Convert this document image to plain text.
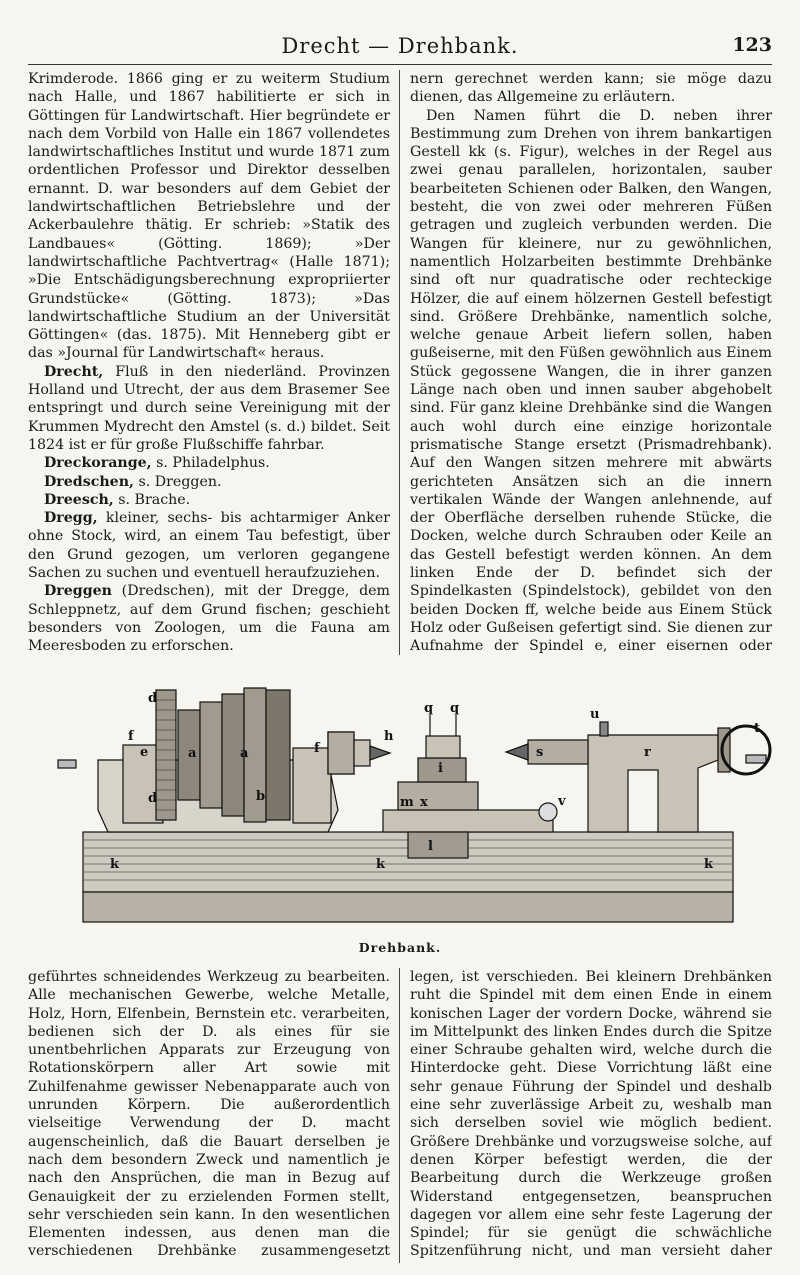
Drecht — Drehbank.	123

Krimderode. 1866 ging er zu weiterm Studium nach Halle, und 1867 habilitierte er sich in Göttingen für Landwirtschaft. Hier begründete er nach dem Vorbild von Halle ein 1867 vollendetes landwirtschaftliches Institut und wurde 1871 zum ordentlichen Professor und Direktor desselben ernannt. D. war besonders auf dem Gebiet der landwirtschaftlichen Betriebslehre und der Ackerbaulehre thätig. Er schrieb: »Statik des Landbaues« (Götting. 1869); »Der landwirtschaftliche Pachtvertrag« (Halle 1871); »Die Entschädigungsberechnung expropriierter Grundstücke« (Götting. 1873); »Das landwirtschaftliche Studium an der Universität Göttingen« (das. 1875). Mit Henneberg gibt er das »Journal für Landwirtschaft« heraus.

Drecht, Fluß in den niederländ. Provinzen Holland und Utrecht, der aus dem Brasemer See entspringt und durch seine Vereinigung mit der Krummen Mydrecht den Amstel (s. d.) bildet. Seit 1824 ist er für große Flußschiffe fahrbar.

Dreckorange, s. Philadelphus.

Dredschen, s. Dreggen.

Dreesch, s. Brache.

Dregg, kleiner, sechs- bis achtarmiger Anker ohne Stock, wird, an einem Tau befestigt, über den Grund gezogen, um verloren gegangene Sachen zu suchen und eventuell heraufzuziehen.

Dreggen (Dredschen), mit der Dregge, dem Schleppnetz, auf dem Grund fischen; geschieht besonders von Zoologen, um die Fauna am Meeresboden zu erforschen.

nern gerechnet werden kann; sie möge dazu dienen, das Allgemeine zu erläutern.

Den Namen führt die D. neben ihrer Bestimmung zum Drehen von ihrem bankartigen Gestell kk (s. Figur), welches in der Regel aus zwei genau parallelen, horizontalen, sauber bearbeiteten Schienen oder Balken, den Wangen, besteht, die von zwei oder mehreren Füßen getragen und zugleich verbunden werden. Die Wangen für kleinere, nur zu gewöhnlichen, namentlich Holzarbeiten bestimmte Drehbänke sind oft nur quadratische oder rechteckige Hölzer, die auf einem hölzernen Gestell befestigt sind. Größere Drehbänke, namentlich solche, welche genaue Arbeit liefern sollen, haben gußeiserne, mit den Füßen gewöhnlich aus Einem Stück gegossene Wangen, die in ihrer ganzen Länge nach oben und innen sauber abgehobelt sind. Für ganz kleine Drehbänke sind die Wangen auch wohl durch eine einzige horizontale prismatische Stange ersetzt (Prismadrehbank). Auf den Wangen sitzen mehrere mit abwärts gerichteten Ansätzen sich an die innern vertikalen Wände der Wangen anlehnende, auf der Oberfläche derselben ruhende Stücke, die Docken, welche durch Schrauben oder Keile an das Gestell befestigt werden können. An dem linken Ende der D. befindet sich der Spindelkasten (Spindelstock), gebildet von den beiden Docken ff, welche beide aus Einem Stück Holz oder Gußeisen gefertigt sind. Sie dienen zur Aufnahme der Spindel e, einer eisernen oder

d
d
e
f
a	a
b
f
h
q q
i
m x	v
u
s	r
t
k	k
l
k
Drehbank.

geführtes schneidendes Werkzeug zu bearbeiten. Alle mechanischen Gewerbe, welche Metalle, Holz, Horn, Elfenbein, Bernstein etc. verarbeiten, bedienen sich der D. als eines für sie unentbehrlichen Apparats zur Erzeugung von Rotationskörpern aller Art sowie mit Zuhilfenahme gewisser Nebenapparate auch von unrunden Körpern. Die außerordentlich vielseitige Verwendung der D. macht augenscheinlich, daß die Bauart derselben je nach dem besondern Zweck und namentlich je nach den Ansprüchen, die man in Bezug auf Genauigkeit der zu erzielenden Formen stellt, sehr verschieden sein kann. In den wesentlichen Elementen indessen, aus denen man die verschiedenen Drehbänke zusammengesetzt

legen, ist verschieden. Bei kleinern Drehbänken ruht die Spindel mit dem einen Ende in einem konischen Lager der vordern Docke, während sie im Mittelpunkt des linken Endes durch die Spitze einer Schraube gehalten wird, welche durch die Hinterdocke geht. Diese Vorrichtung läßt eine sehr genaue Führung der Spindel und deshalb eine sehr zuverlässige Arbeit zu, weshalb man sich derselben soviel wie möglich bedient. Größere Drehbänke und vorzugsweise solche, auf denen Körper befestigt werden, die der Bearbeitung durch die Werkzeuge großen Widerstand entgegensetzen, beanspruchen dagegen vor allem eine sehr feste Lagerung der Spindel; für sie genügt die schwächliche Spitzenführung nicht, und man versieht daher
